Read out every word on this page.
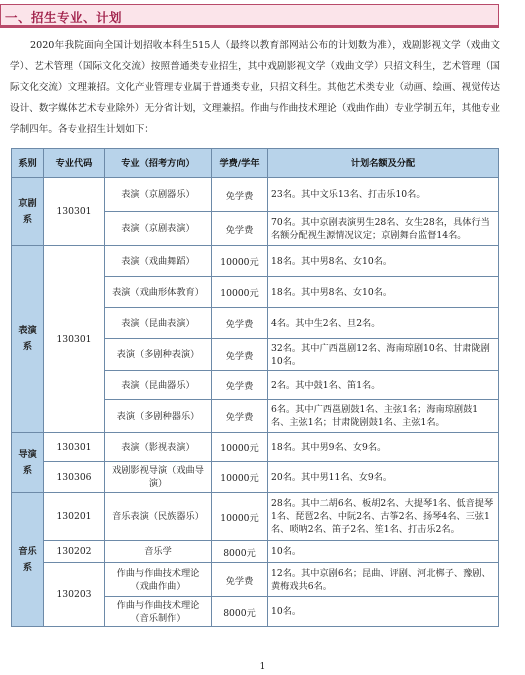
一、招生专业、计划
2020年我院面向全国计划招收本科生515人（最终以教育部网站公布的计划数为准），戏剧影视文学（戏曲文学）、艺术管理（国际文化交流）按照普通类专业招生，其中戏剧影视文学（戏曲文学）只招文科生，艺术管理（国际文化交流）文理兼招。文化产业管理专业属于普通类专业，只招文科生。其他艺术类专业（动画、绘画、视觉传达设计、数字媒体艺术专业除外）无分省计划，文理兼招。作曲与作曲技术理论（戏曲作曲）专业学制五年，其他专业学制四年。各专业招生计划如下：
系别	专业代码	专业（招考方向）	学费/学年	计划名额及分配
京剧系	130301	表演（京剧器乐）	免学费	23名。其中文乐13名、打击乐10名。
		表演（京剧表演）	免学费	70名。其中京剧表演男生28名、女生28名，具体行当名额分配视生源情况议定；京剧舞台监督14名。
表演系	130301	表演（戏曲舞蹈）	10000元	18名。其中男8名、女10名。
		表演（戏曲形体教育）	10000元	18名。其中男8名、女10名。
		表演（昆曲表演）	免学费	4名。其中生2名、旦2名。
		表演（多剧种表演）	免学费	32名。其中广西邕剧12名、海南琼剧10名、甘肃陇剧10名。
		表演（昆曲器乐）	免学费	2名。其中鼓1名、笛1名。
		表演（多剧种器乐）	免学费	6名。其中广西邕剧鼓1名、主弦1名；海南琼剧鼓1名、主弦1名；甘肃陇剧鼓1名、主弦1名。
导演系	130301	表演（影视表演）	10000元	18名。其中男9名、女9名。
	130306	戏剧影视导演（戏曲导演）	10000元	20名。其中男11名、女9名。
音乐系	130201	音乐表演（民族器乐）	10000元	28名。其中二胡6名、板胡2名、大提琴1名、低音提琴1名、琵琶2名、中阮2名、古筝2名、扬琴4名、三弦1名、唢呐2名、笛子2名、笙1名、打击乐2名。
	130202	音乐学	8000元	10名。
	130203	作曲与作曲技术理论（戏曲作曲）	免学费	12名。其中京剧6名；昆曲、评剧、河北梆子、豫剧、黄梅戏共6名。
		作曲与作曲技术理论（音乐制作）	8000元	10名。
1
